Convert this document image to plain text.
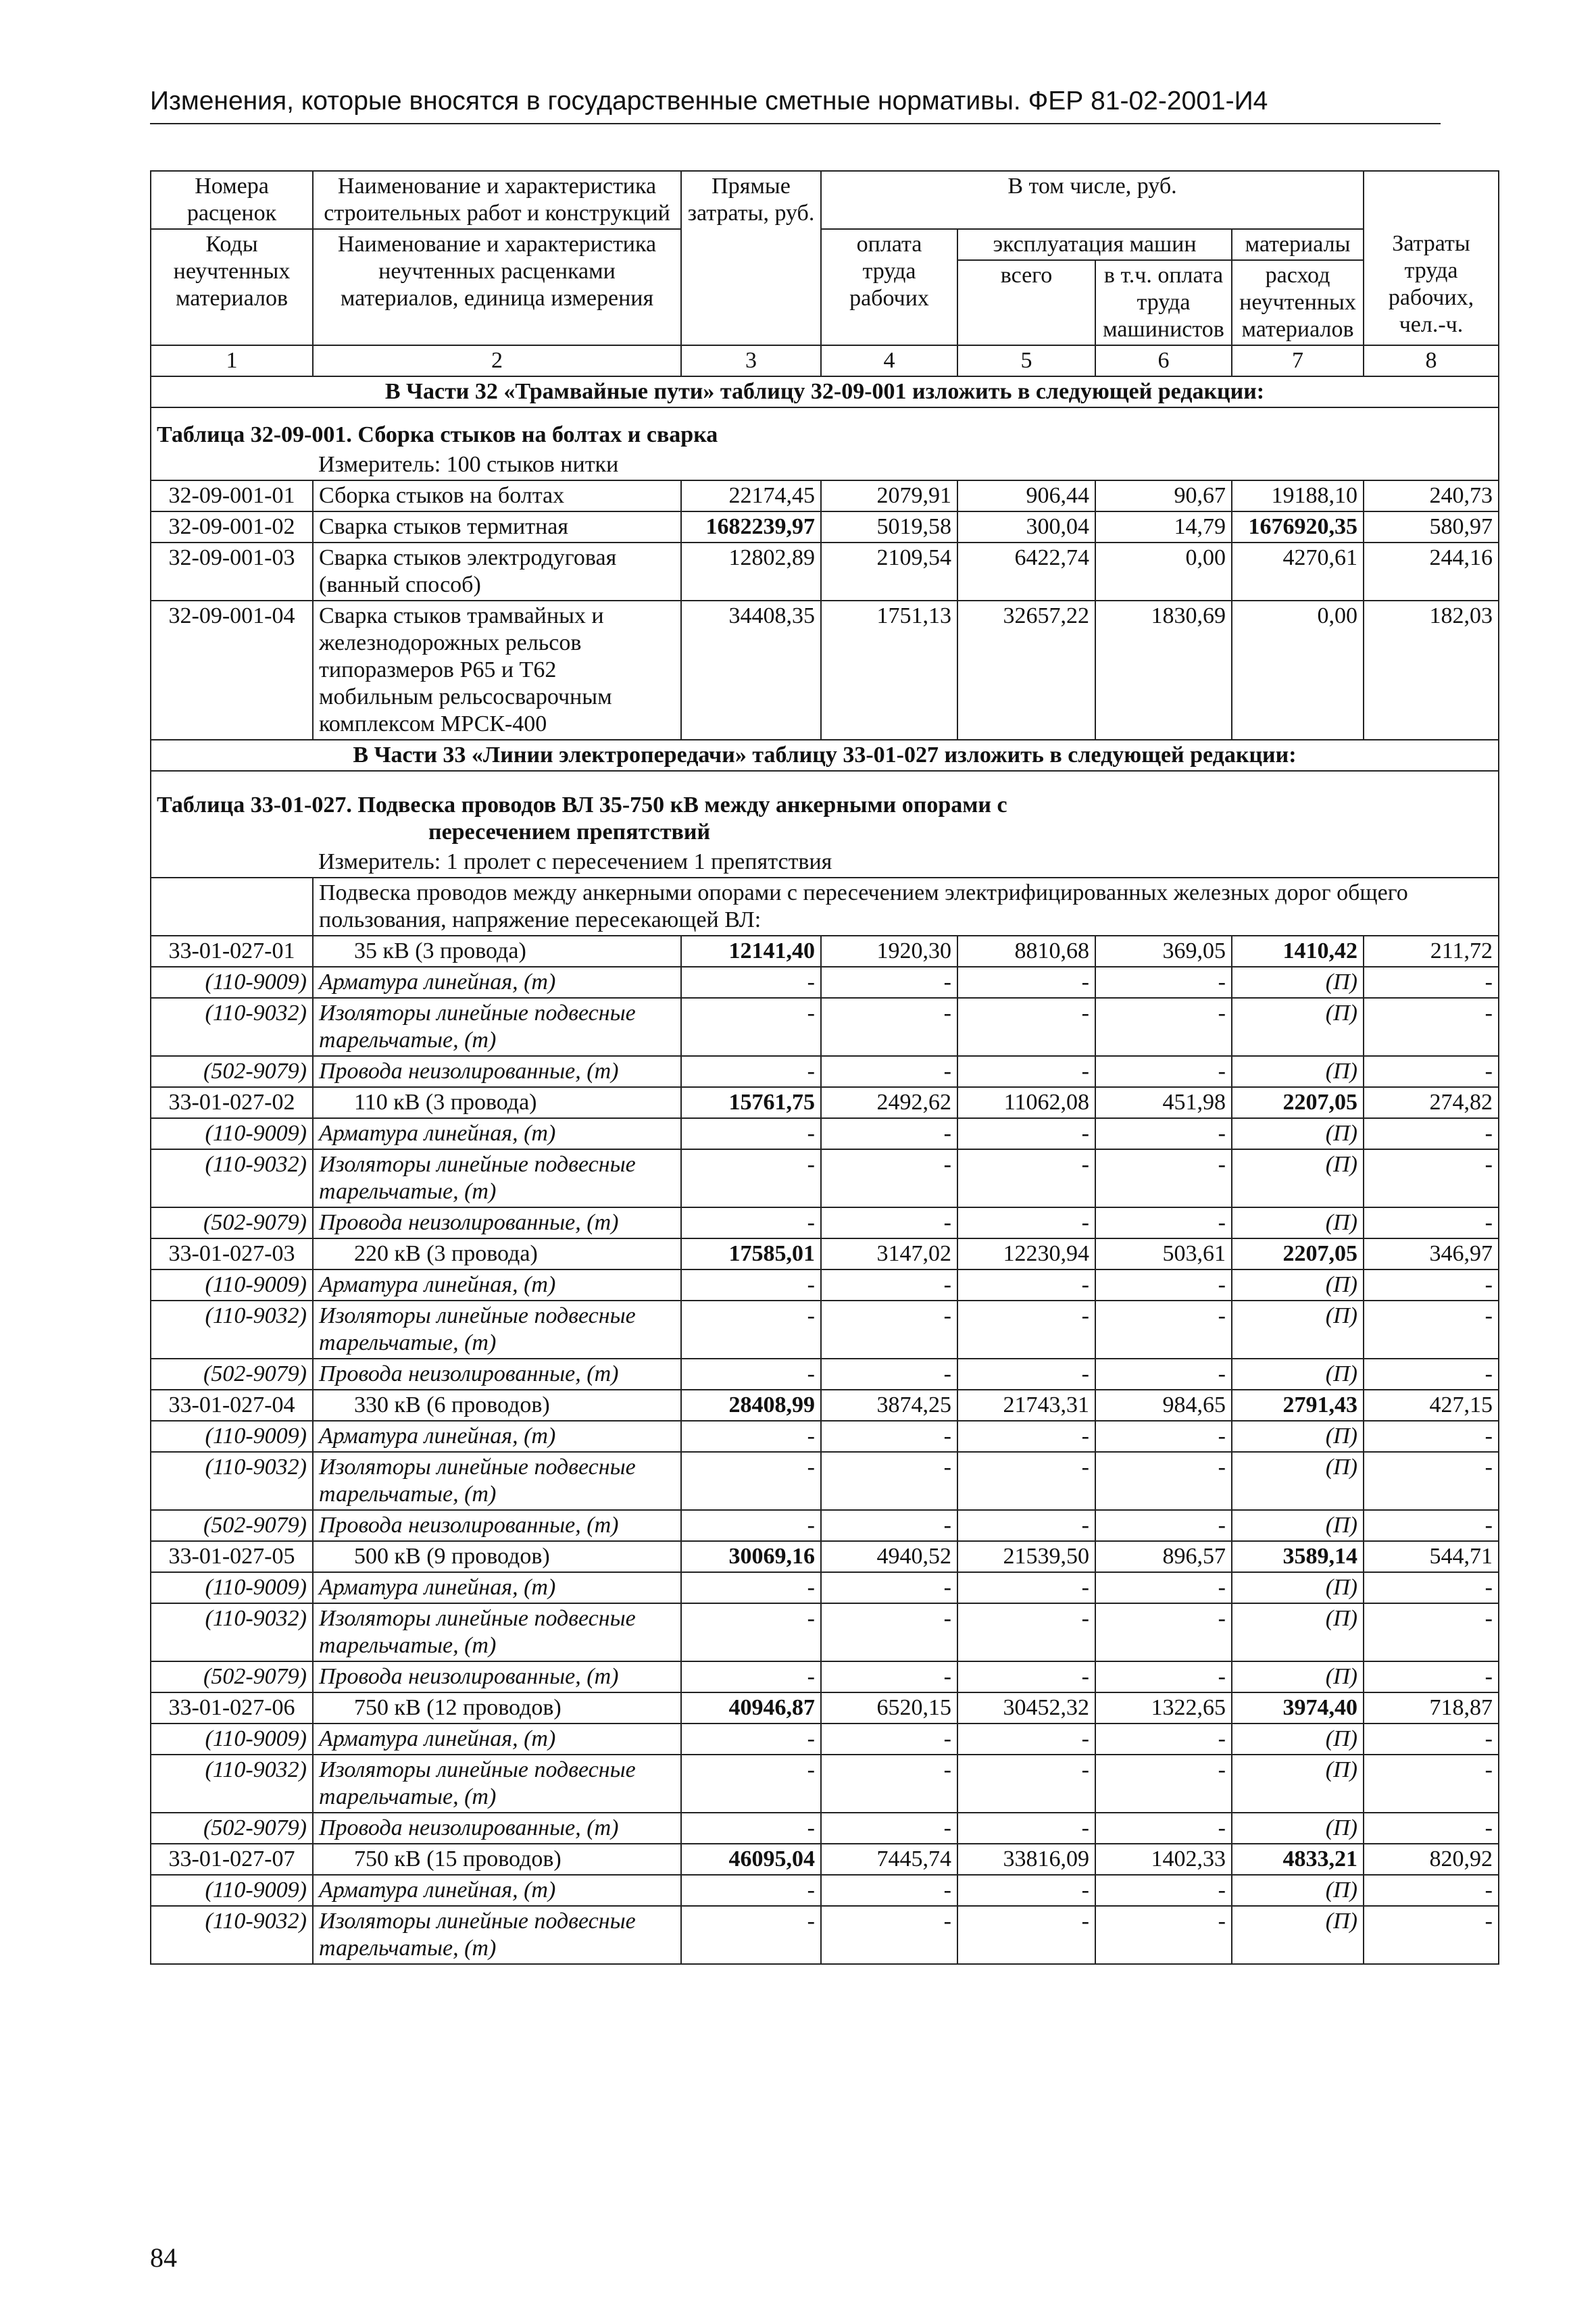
Изменения, которые вносятся в государственные сметные нормативы. ФЕР 81-02-2001-И4
Номера расценок	Наименование и характеристика строительных работ и конструкций	Прямые затраты, руб.	В том числе, руб.				
Коды неучтенных материалов	Наименование и характеристика неучтенных расценками материалов, единица измерения		оплата труда рабочих	эксплуатация машин		материалы	Затраты труда рабочих, чел.-ч.
				всего	в т.ч. оплата труда машинистов	расход неучтенных материалов	

1	2	3	4	5	6	7	8
В Части 32 «Трамвайные пути» таблицу 32-09-001 изложить в следующей редакции:							
Таблица 32-09-001. Сборка стыков на болтах и сварка							
	Измеритель: 100 стыков нитки						
32-09-001-01	Сборка стыков на болтах	22174,45	2079,91	906,44	90,67	19188,10	240,73
32-09-001-02	Сварка стыков термитная	1682239,97	5019,58	300,04	14,79	1676920,35	580,97
32-09-001-03	Сварка стыков электродуговая (ванный способ)	12802,89	2109,54	6422,74	0,00	4270,61	244,16
32-09-001-04	Сварка стыков трамвайных и железнодорожных рельсов типоразмеров Р65 и Т62 мобильным рельсосварочным комплексом МРСК-400	34408,35	1751,13	32657,22	1830,69	0,00	182,03
В Части 33 «Линии электропередачи» таблицу 33-01-027 изложить в следующей редакции:							
Таблица 33-01-027. Подвеска проводов ВЛ 35-750 кВ между анкерными опорами с							
пересечением препятствий							
	Измеритель: 1 пролет с пересечением 1 препятствия						
	Подвеска проводов между анкерными опорами с пересечением электрифицированных железных дорог общего пользования, напряжение пересекающей ВЛ:						
33-01-027-01	35 кВ (3 провода)	12141,40	1920,30	8810,68	369,05	1410,42	211,72
(110-9009)	Арматура линейная, (т)	-	-	-	-	(П)	-
(110-9032)	Изоляторы линейные подвесные тарельчатые, (т)	-	-	-	-	(П)	-
(502-9079)	Провода неизолированные, (т)	-	-	-	-	(П)	-
33-01-027-02	110 кВ (3 провода)	15761,75	2492,62	11062,08	451,98	2207,05	274,82
(110-9009)	Арматура линейная, (т)	-	-	-	-	(П)	-
(110-9032)	Изоляторы линейные подвесные тарельчатые, (т)	-	-	-	-	(П)	-
(502-9079)	Провода неизолированные, (т)	-	-	-	-	(П)	-
33-01-027-03	220 кВ (3 провода)	17585,01	3147,02	12230,94	503,61	2207,05	346,97
(110-9009)	Арматура линейная, (т)	-	-	-	-	(П)	-
(110-9032)	Изоляторы линейные подвесные тарельчатые, (т)	-	-	-	-	(П)	-
(502-9079)	Провода неизолированные, (т)	-	-	-	-	(П)	-
33-01-027-04	330 кВ (6 проводов)	28408,99	3874,25	21743,31	984,65	2791,43	427,15
(110-9009)	Арматура линейная, (т)	-	-	-	-	(П)	-
(110-9032)	Изоляторы линейные подвесные тарельчатые, (т)	-	-	-	-	(П)	-
(502-9079)	Провода неизолированные, (т)	-	-	-	-	(П)	-
33-01-027-05	500 кВ (9 проводов)	30069,16	4940,52	21539,50	896,57	3589,14	544,71
(110-9009)	Арматура линейная, (т)	-	-	-	-	(П)	-
(110-9032)	Изоляторы линейные подвесные тарельчатые, (т)	-	-	-	-	(П)	-
(502-9079)	Провода неизолированные, (т)	-	-	-	-	(П)	-
33-01-027-06	750 кВ (12 проводов)	40946,87	6520,15	30452,32	1322,65	3974,40	718,87
(110-9009)	Арматура линейная, (т)	-	-	-	-	(П)	-
(110-9032)	Изоляторы линейные подвесные тарельчатые, (т)	-	-	-	-	(П)	-
(502-9079)	Провода неизолированные, (т)	-	-	-	-	(П)	-
33-01-027-07	750 кВ (15 проводов)	46095,04	7445,74	33816,09	1402,33	4833,21	820,92
(110-9009)	Арматура линейная, (т)	-	-	-	-	(П)	-
(110-9032)	Изоляторы линейные подвесные тарельчатые, (т)	-	-	-	-	(П)	-
84
